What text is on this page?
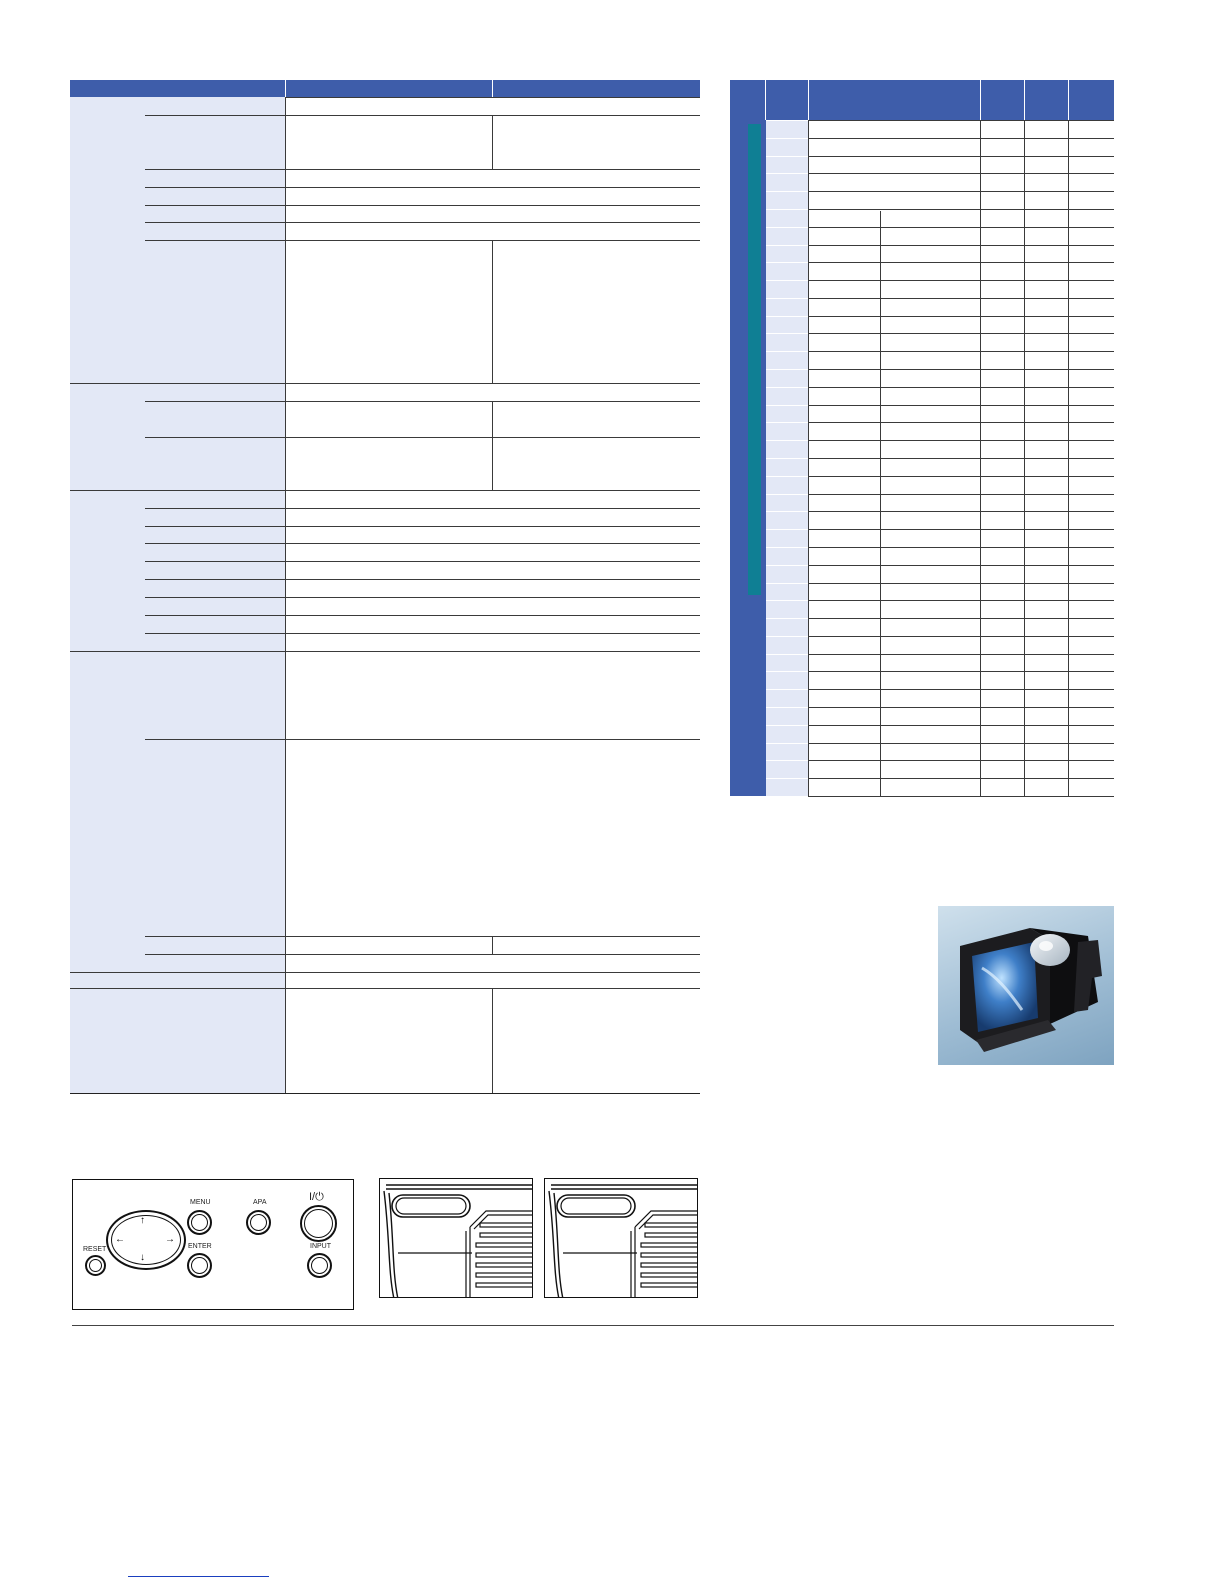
↑
↓
←	→
MENU	APA	I/⏻
RESET	ENTER	INPUT
